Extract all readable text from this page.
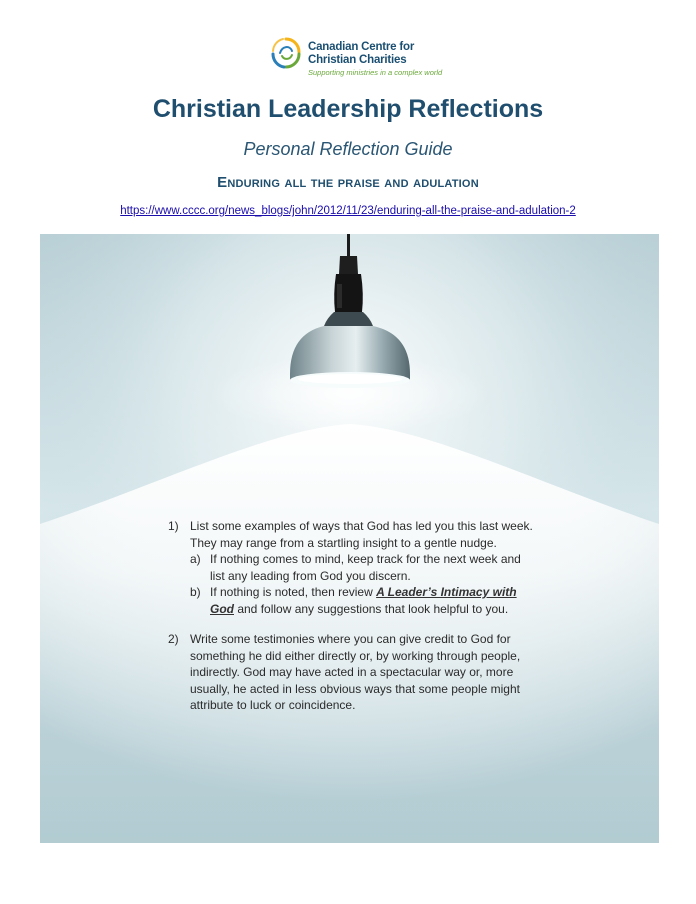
Canadian Centre for
Christian Charities
Supporting ministries in a complex world
Christian Leadership Reflections

Personal Reflection Guide

Enduring all the praise and adulation
https://www.cccc.org/news_blogs/john/2012/11/23/enduring-all-the-praise-and-adulation-2
1) List some examples of ways that God has led you this last week. They may range from a startling insight to a gentle nudge.
a) If nothing comes to mind, keep track for the next week and list any leading from God you discern.
b) If nothing is noted, then review A Leader’s Intimacy with God and follow any suggestions that look helpful to you.
2) Write some testimonies where you can give credit to God for something he did either directly or, by working through people, indirectly. God may have acted in a spectacular way or, more usually, he acted in less obvious ways that some people might attribute to luck or coincidence.
